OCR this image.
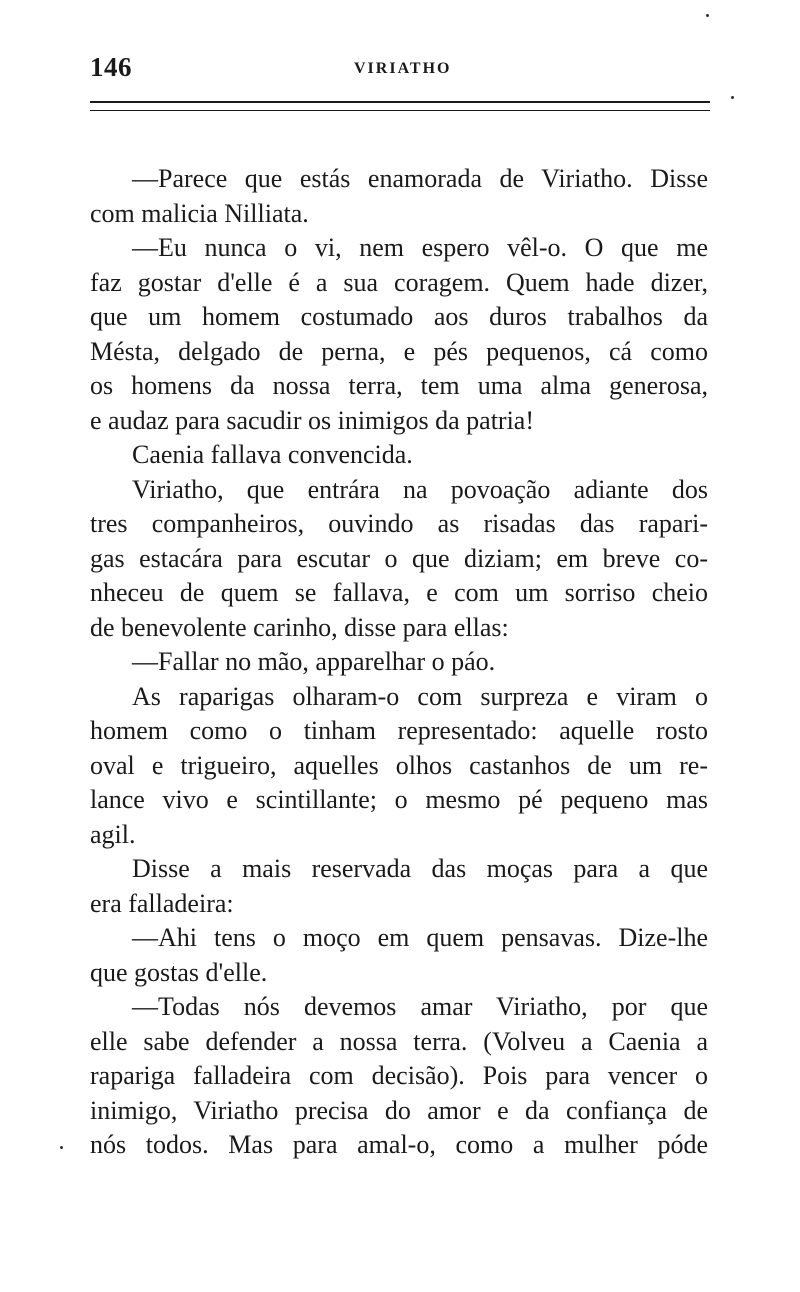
146	VIRIATHO
—Parece que estás enamorada de Viriatho. Disse
com malicia Nilliata.
—Eu nunca o vi, nem espero vêl-o. O que me
faz gostar d'elle é a sua coragem. Quem hade dizer,
que um homem costumado aos duros trabalhos da
Mésta, delgado de perna, e pés pequenos, cá como
os homens da nossa terra, tem uma alma generosa,
e audaz para sacudir os inimigos da patria!
Caenia fallava convencida.
Viriatho, que entrára na povoação adiante dos
tres companheiros, ouvindo as risadas das rapari-
gas estacára para escutar o que diziam; em breve co-
nheceu de quem se fallava, e com um sorriso cheio
de benevolente carinho, disse para ellas:
—Fallar no mão, apparelhar o páo.
As raparigas olharam-o com surpreza e viram o
homem como o tinham representado: aquelle rosto
oval e trigueiro, aquelles olhos castanhos de um re-
lance vivo e scintillante; o mesmo pé pequeno mas
agil.
Disse a mais reservada das moças para a que
era falladeira:
—Ahi tens o moço em quem pensavas. Dize-lhe
que gostas d'elle.
—Todas nós devemos amar Viriatho, por que
elle sabe defender a nossa terra. (Volveu a Caenia a
rapariga falladeira com decisão). Pois para vencer o
inimigo, Viriatho precisa do amor e da confiança de
nós todos. Mas para amal-o, como a mulher póde
